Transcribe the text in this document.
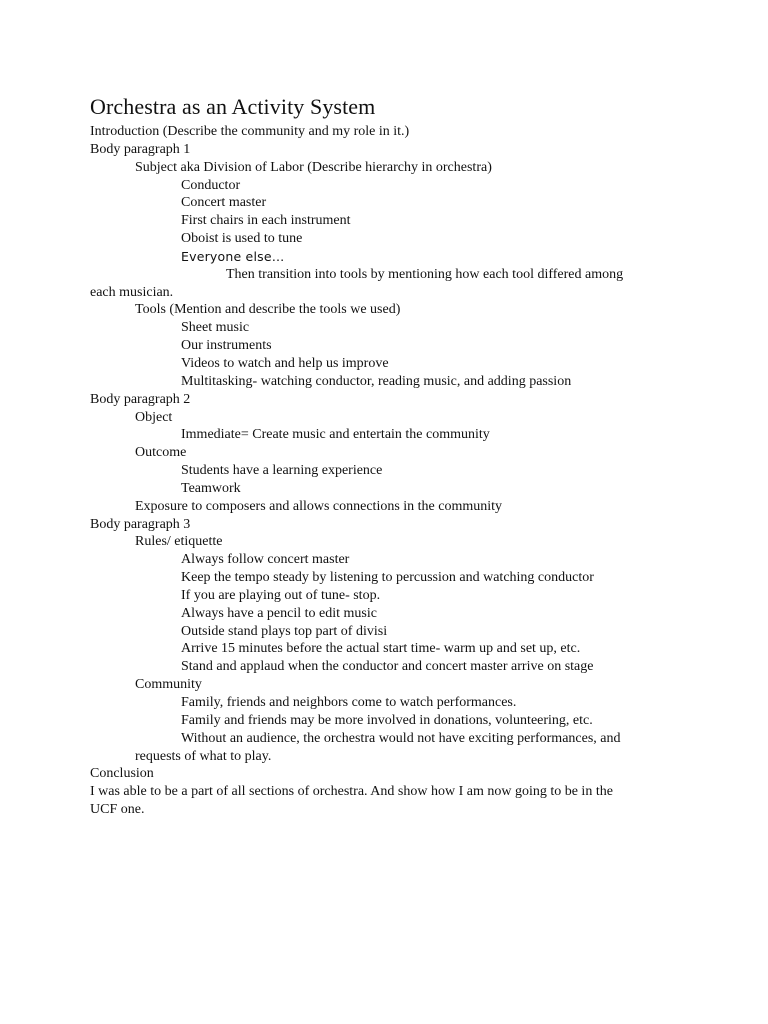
Orchestra as an Activity System
Introduction (Describe the community and my role in it.)
Body paragraph 1
Subject aka Division of Labor (Describe hierarchy in orchestra)
Conductor
Concert master
First chairs in each instrument
Oboist is used to tune
Everyone else…
Then transition into tools by mentioning how each tool differed among
each musician.
Tools (Mention and describe the tools we used)
Sheet music
Our instruments
Videos to watch and help us improve
Multitasking- watching conductor, reading music, and adding passion
Body paragraph 2
Object
Immediate= Create music and entertain the community
Outcome
Students have a learning experience
Teamwork
Exposure to composers and allows connections in the community
Body paragraph 3
Rules/ etiquette
Always follow concert master
Keep the tempo steady by listening to percussion and watching conductor
If you are playing out of tune- stop.
Always have a pencil to edit music
Outside stand plays top part of divisi
Arrive 15 minutes before the actual start time- warm up and set up, etc.
Stand and applaud when the conductor and concert master arrive on stage
Community
Family, friends and neighbors come to watch performances.
Family and friends may be more involved in donations, volunteering, etc.
Without an audience, the orchestra would not have exciting performances, and
requests of what to play.
Conclusion
I was able to be a part of all sections of orchestra. And show how I am now going to be in the
UCF one.
